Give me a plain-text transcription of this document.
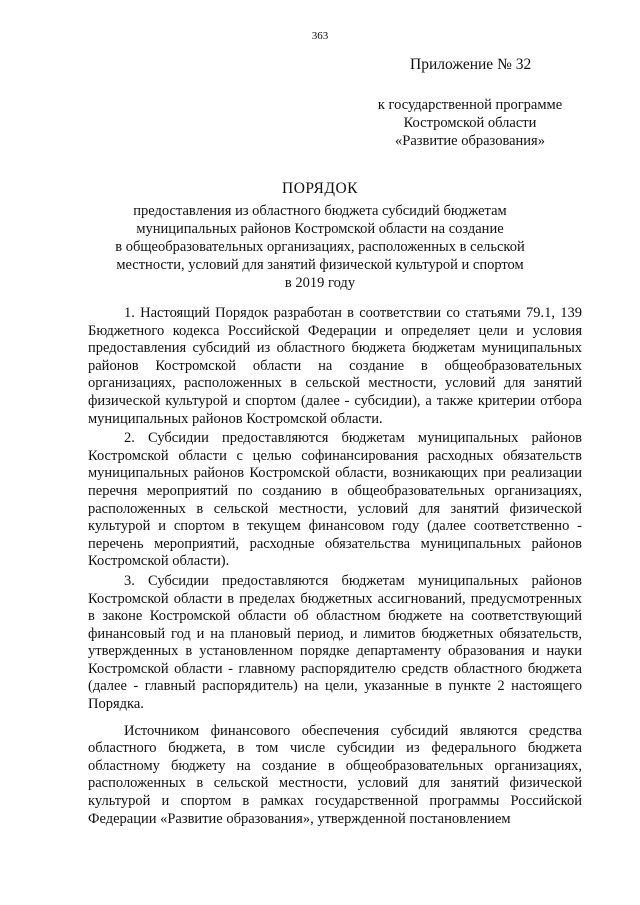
363
Приложение № 32
к государственной программе
Костромской области
«Развитие образования»
ПОРЯДОК
предоставления из областного бюджета субсидий бюджетам
муниципальных районов Костромской области на создание
в общеобразовательных организациях, расположенных в сельской
местности, условий для занятий физической культурой и спортом
в 2019 году

1. Настоящий Порядок разработан в соответствии со статьями 79.1, 139 Бюджетного кодекса Российской Федерации и определяет цели и условия предоставления субсидий из областного бюджета бюджетам муниципальных районов Костромской области на создание в общеобразовательных организациях, расположенных в сельской местности, условий для занятий физической культурой и спортом (далее - субсидии), а также критерии отбора муниципальных районов Костромской области.

2. Субсидии предоставляются бюджетам муниципальных районов Костромской области с целью софинансирования расходных обязательств муниципальных районов Костромской области, возникающих при реализации перечня мероприятий по созданию в общеобразовательных организациях, расположенных в сельской местности, условий для занятий физической культурой и спортом в текущем финансовом году (далее соответственно - перечень мероприятий, расходные обязательства муниципальных районов Костромской области).

3. Субсидии предоставляются бюджетам муниципальных районов Костромской области в пределах бюджетных ассигнований, предусмотренных в законе Костромской области об областном бюджете на соответствующий финансовый год и на плановый период, и лимитов бюджетных обязательств, утвержденных в установленном порядке департаменту образования и науки Костромской области - главному распорядителю средств областного бюджета (далее - главный распорядитель) на цели, указанные в пункте 2 настоящего Порядка.

Источником финансового обеспечения субсидий являются средства областного бюджета, в том числе субсидии из федерального бюджета областному бюджету на создание в общеобразовательных организациях, расположенных в сельской местности, условий для занятий физической культурой и спортом в рамках государственной программы Российской Федерации «Развитие образования», утвержденной постановлением
